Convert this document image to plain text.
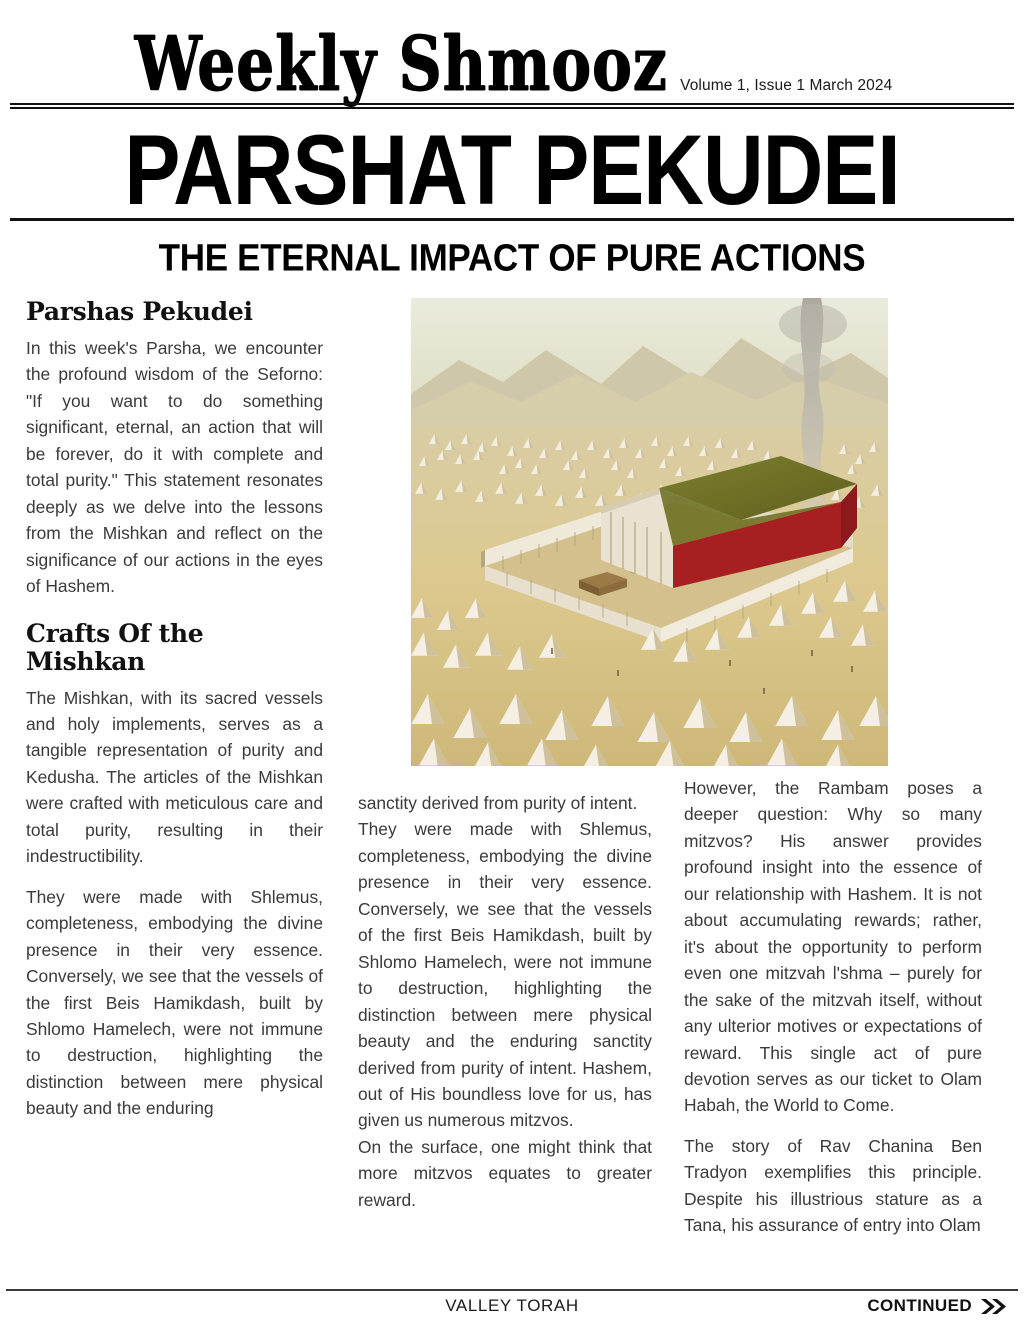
Weekly Shmooz Volume 1, Issue 1 March 2024
PARSHAT PEKUDEI
THE ETERNAL IMPACT OF PURE ACTIONS
Parshas Pekudei

In this week's Parsha, we encounter the profound wisdom of the Seforno: "If you want to do something significant, eternal, an action that will be forever, do it with complete and total purity." This statement resonates deeply as we delve into the lessons from the Mishkan and reflect on the significance of our actions in the eyes of Hashem.

Crafts Of the Mishkan

The Mishkan, with its sacred vessels and holy implements, serves as a tangible representation of purity and Kedusha. The articles of the Mishkan were crafted with meticulous care and total purity, resulting in their indestructibility.

They were made with Shlemus, completeness, embodying the divine presence in their very essence. Conversely, we see that the vessels of the first Beis Hamikdash, built by Shlomo Hamelech, were not immune to destruction, highlighting the distinction between mere physical beauty and the enduring

sanctity derived from purity of intent.

They were made with Shlemus, completeness, embodying the divine presence in their very essence. Conversely, we see that the vessels of the first Beis Hamikdash, built by Shlomo Hamelech, were not immune to destruction, highlighting the distinction between mere physical beauty and the enduring sanctity derived from purity of intent. Hashem, out of His boundless love for us, has given us numerous mitzvos.

On the surface, one might think that more mitzvos equates to greater reward.

However, the Rambam poses a deeper question: Why so many mitzvos? His answer provides profound insight into the essence of our relationship with Hashem. It is not about accumulating rewards; rather, it's about the opportunity to perform even one mitzvah l'shma – purely for the sake of the mitzvah itself, without any ulterior motives or expectations of reward. This single act of pure devotion serves as our ticket to Olam Habah, the World to Come.

The story of Rav Chanina Ben Tradyon exemplifies this principle. Despite his illustrious stature as a Tana, his assurance of entry into Olam

VALLEY TORAH	CONTINUED
